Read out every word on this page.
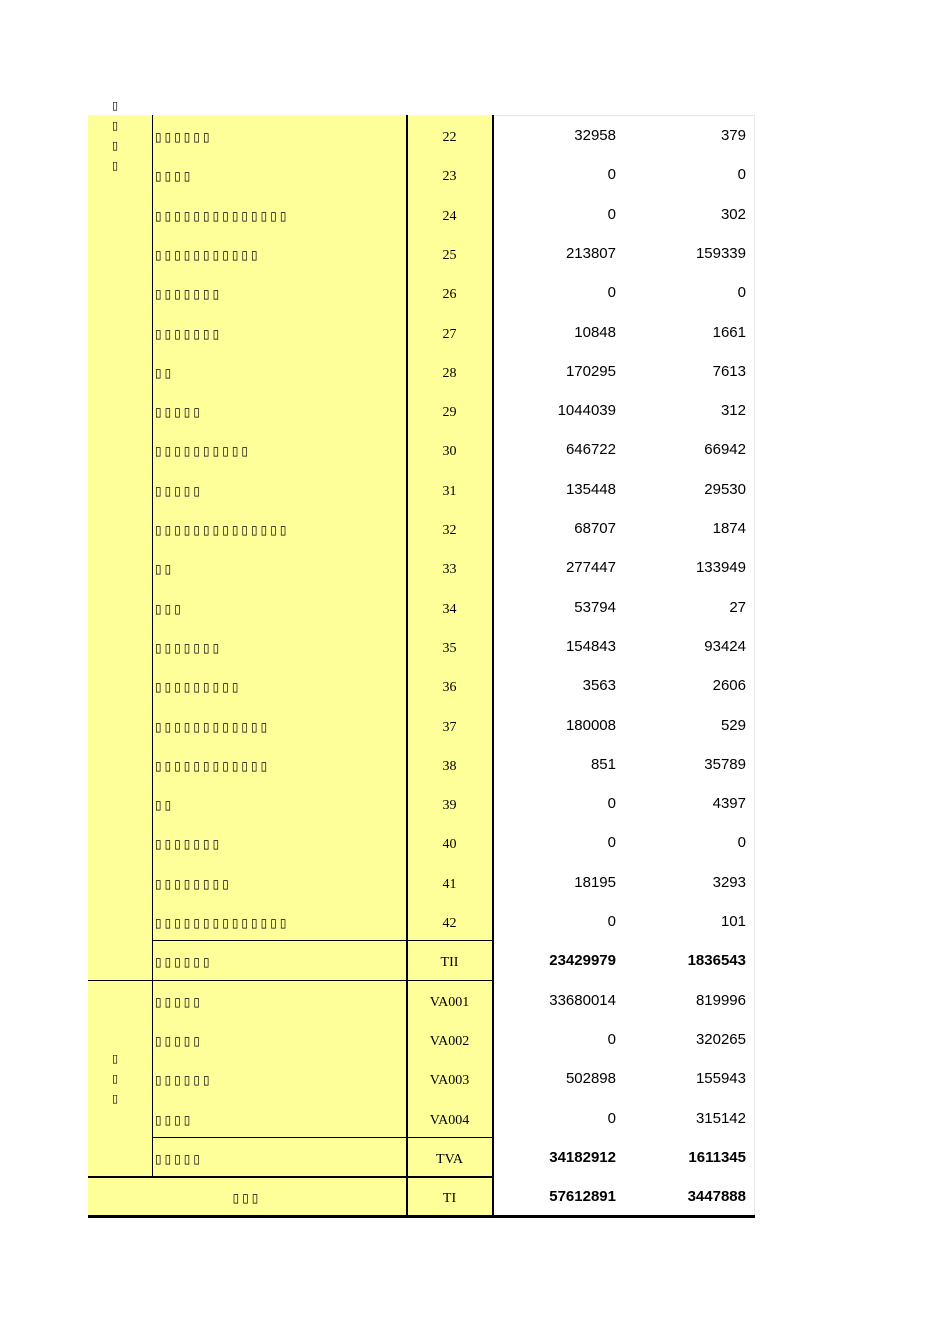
▯
▯
▯
▯
▯
▯
▯
▯▯▯▯▯▯	22	32958	379
▯▯▯▯	23	0	0
▯▯▯▯▯▯▯▯▯▯▯▯▯▯	24	0	302
▯▯▯▯▯▯▯▯▯▯▯	25	213807	159339
▯▯▯▯▯▯▯	26	0	0
▯▯▯▯▯▯▯	27	10848	1661
▯▯	28	170295	7613
▯▯▯▯▯	29	1044039	312
▯▯▯▯▯▯▯▯▯▯	30	646722	66942
▯▯▯▯▯	31	135448	29530
▯▯▯▯▯▯▯▯▯▯▯▯▯▯	32	68707	1874
▯▯	33	277447	133949
▯▯▯	34	53794	27
▯▯▯▯▯▯▯	35	154843	93424
▯▯▯▯▯▯▯▯▯	36	3563	2606
▯▯▯▯▯▯▯▯▯▯▯▯	37	180008	529
▯▯▯▯▯▯▯▯▯▯▯▯	38	851	35789
▯▯	39	0	4397
▯▯▯▯▯▯▯	40	0	0
▯▯▯▯▯▯▯▯	41	18195	3293
▯▯▯▯▯▯▯▯▯▯▯▯▯▯	42	0	101
▯▯▯▯▯▯	TII	23429979	1836543
▯▯▯▯▯	VA001	33680014	819996
▯▯▯▯▯	VA002	0	320265
▯▯▯▯▯▯	VA003	502898	155943
▯▯▯▯	VA004	0	315142
▯▯▯▯▯	TVA	34182912	1611345
▯▯▯	TI	57612891	3447888
